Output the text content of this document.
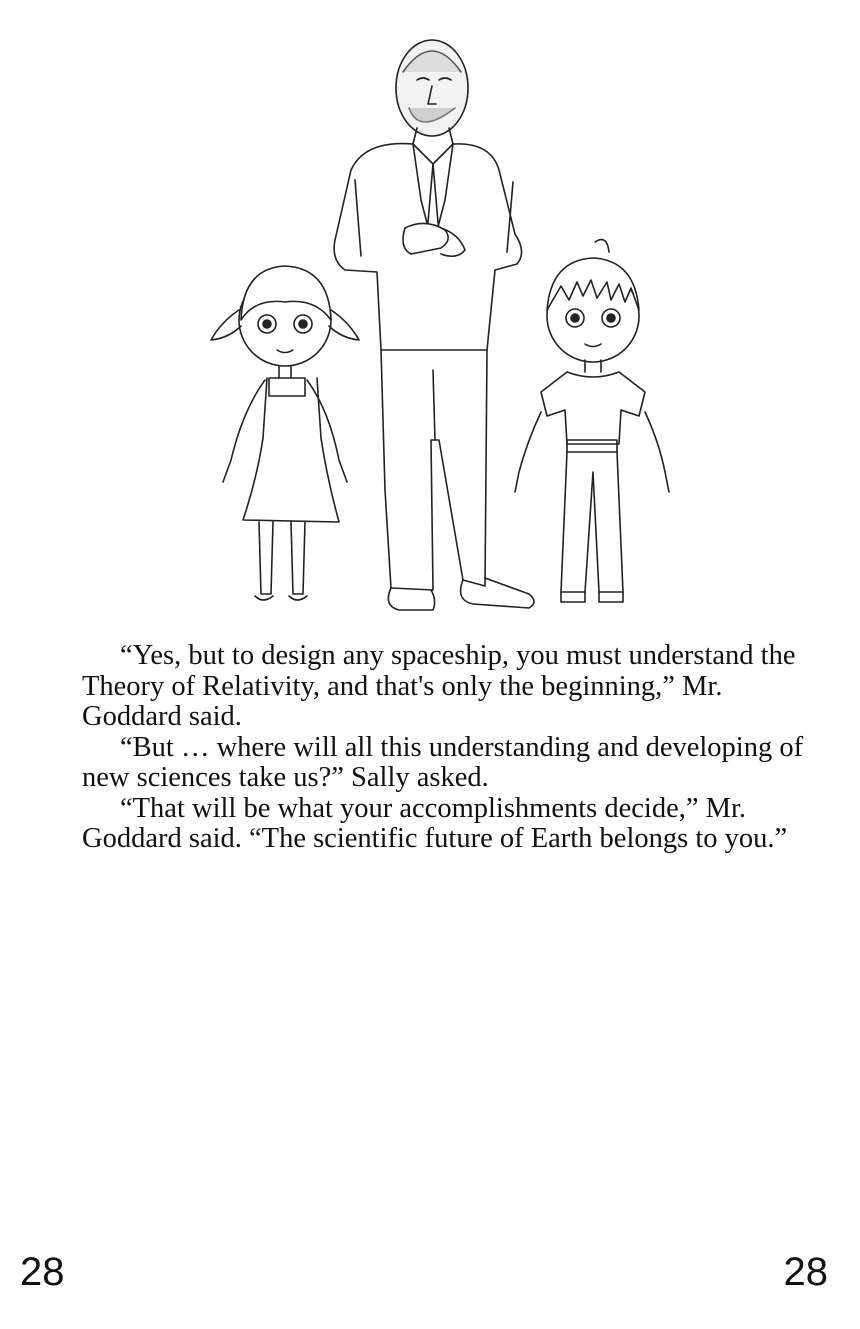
“Yes, but to design any spaceship, you must understand the Theory of Relativity, and that's only the beginning,” Mr. Goddard said.

“But … where will all this understanding and developing of new sciences take us?” Sally asked.

“That will be what your accomplishments decide,” Mr. Goddard said. “The scientific future of Earth belongs to you.”

28	28
